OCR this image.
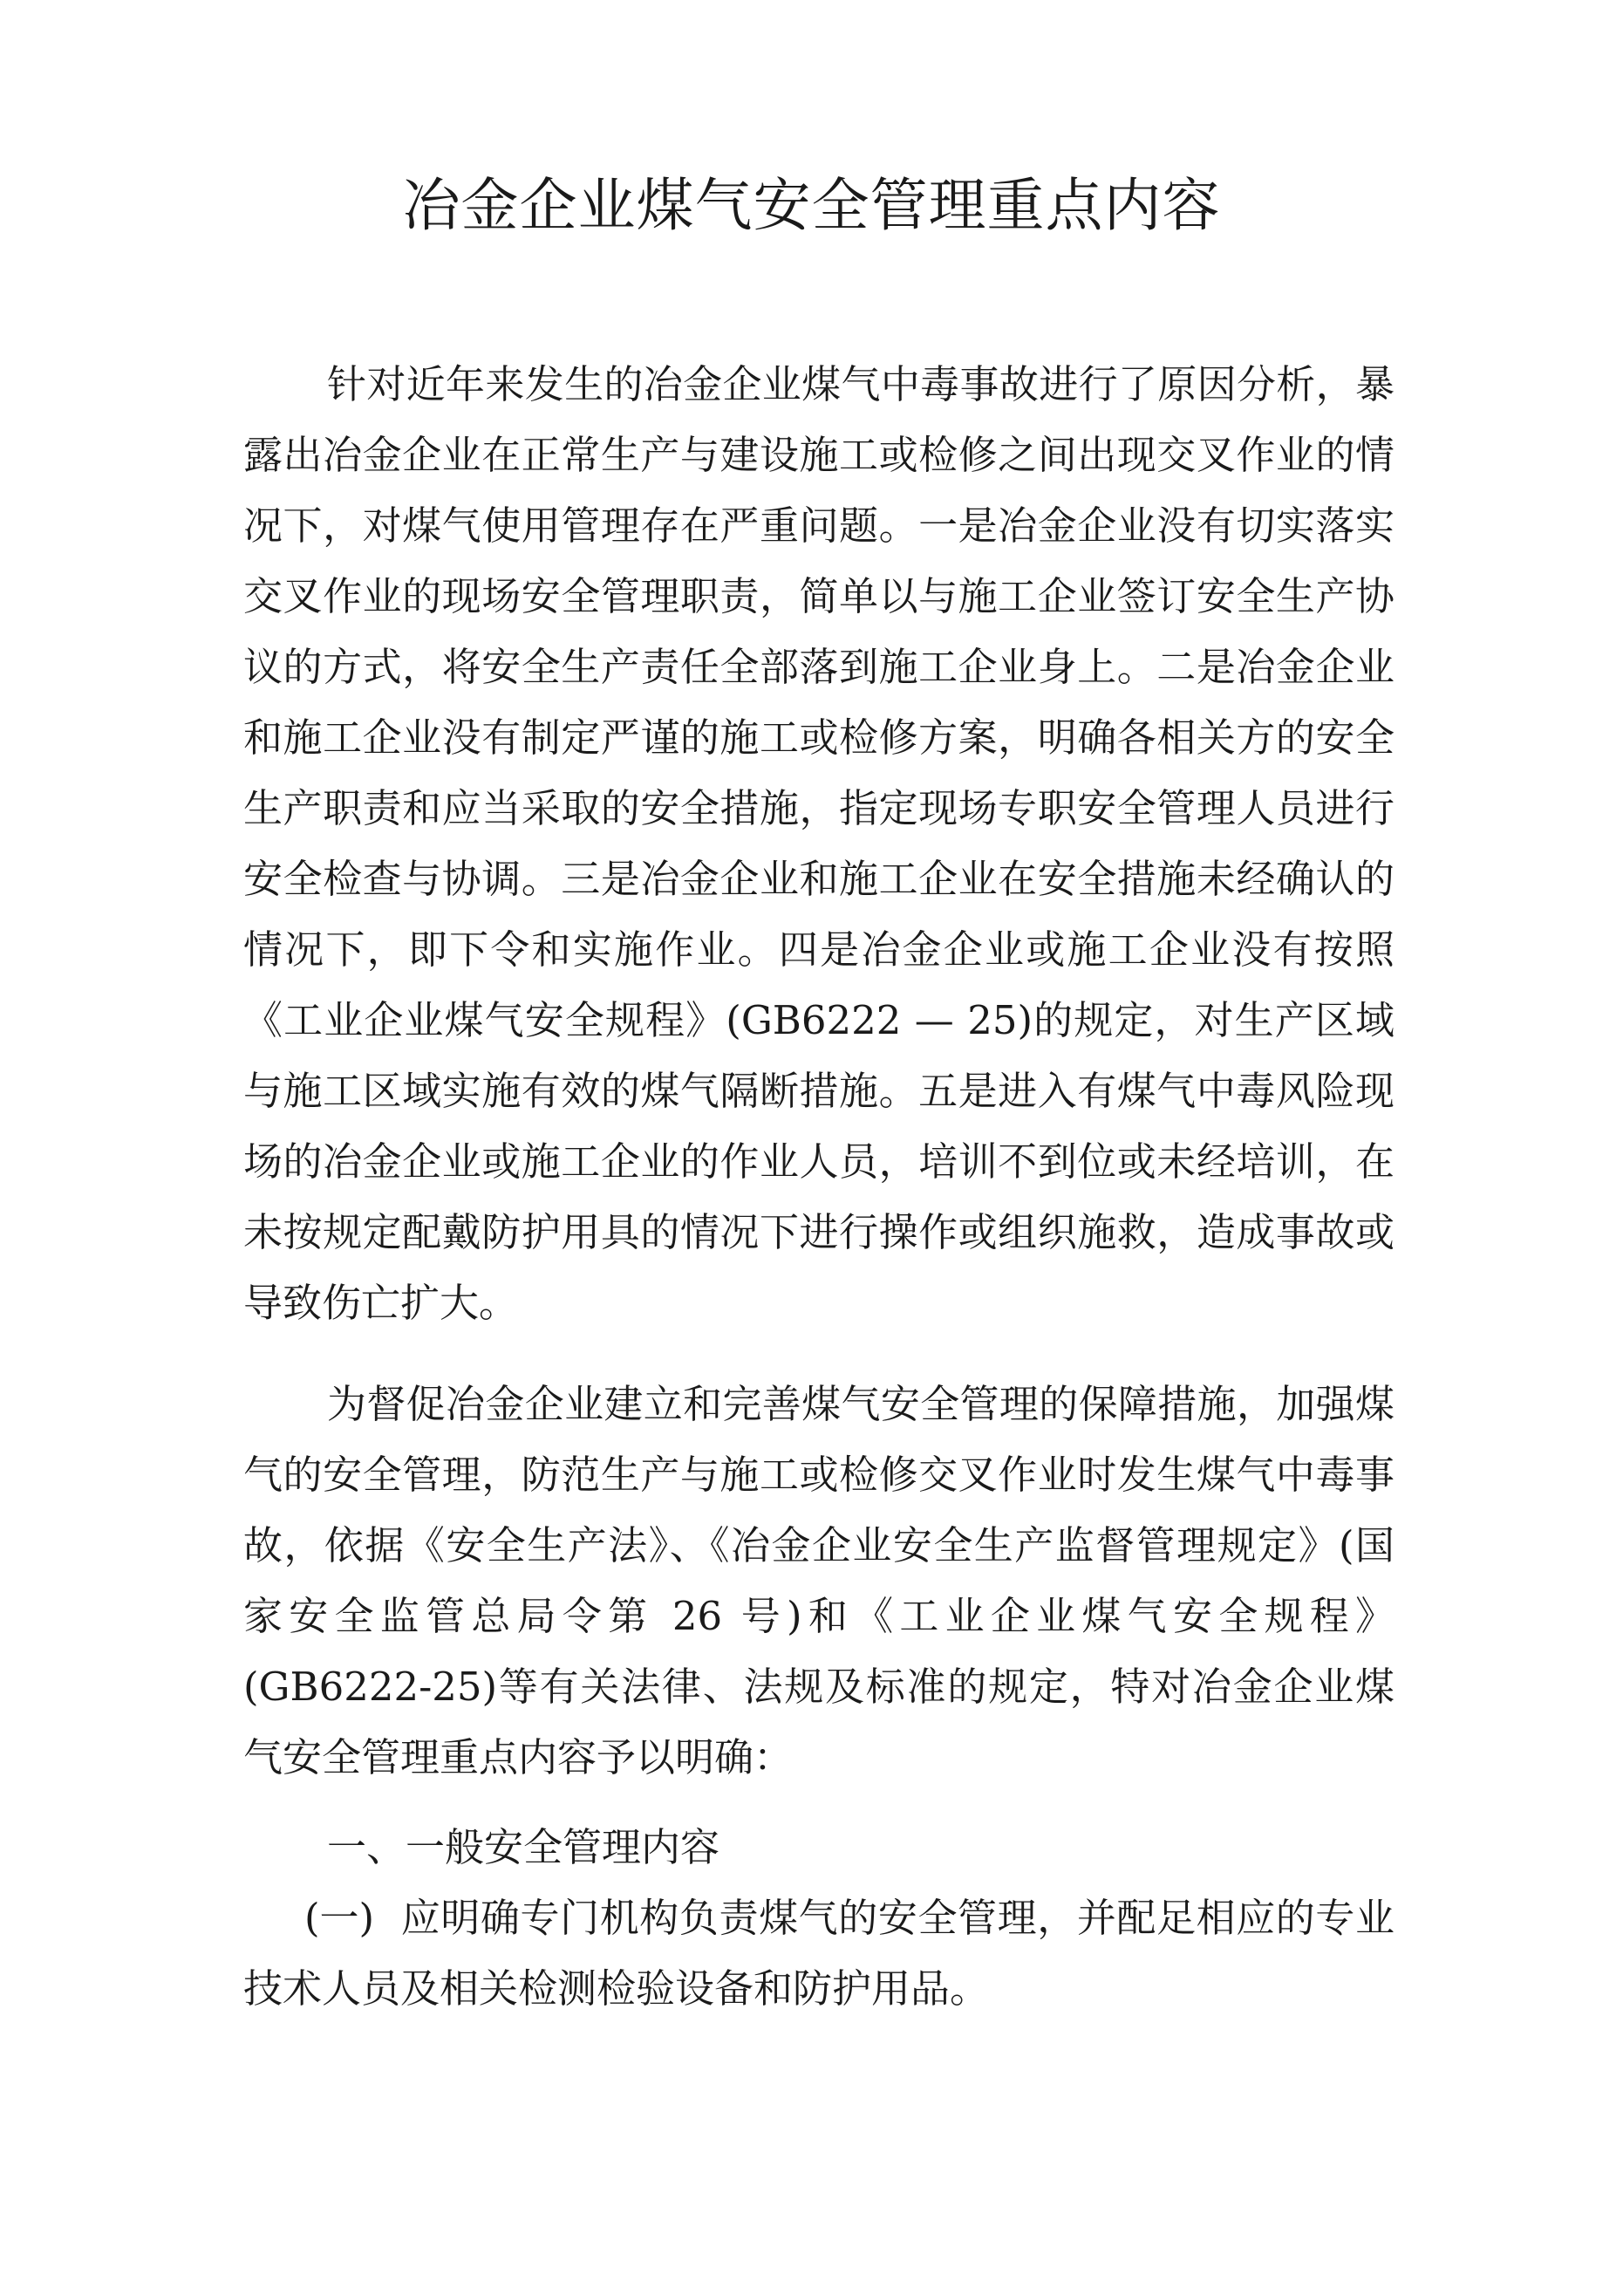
冶金企业煤气安全管理重点内容

针对近年来发生的冶金企业煤气中毒事故进行了原因分析，暴露出冶金企业在正常生产与建设施工或检修之间出现交叉作业的情况下，对煤气使用管理存在严重问题。一是冶金企业没有切实落实交叉作业的现场安全管理职责，简单以与施工企业签订安全生产协议的方式，将安全生产责任全部落到施工企业身上。二是冶金企业和施工企业没有制定严谨的施工或检修方案，明确各相关方的安全生产职责和应当采取的安全措施，指定现场专职安全管理人员进行安全检查与协调。三是冶金企业和施工企业在安全措施未经确认的情况下，即下令和实施作业。四是冶金企业或施工企业没有按照《工业企业煤气安全规程》(GB6222 — 25)的规定，对生产区域与施工区域实施有效的煤气隔断措施。五是进入有煤气中毒风险现场的冶金企业或施工企业的作业人员，培训不到位或未经培训，在未按规定配戴防护用具的情况下进行操作或组织施救，造成事故或导致伤亡扩大。

为督促冶金企业建立和完善煤气安全管理的保障措施，加强煤气的安全管理，防范生产与施工或检修交叉作业时发生煤气中毒事故，依据《安全生产法》、《冶金企业安全生产监督管理规定》(国家安全监管总局令第 26 号)和《工业企业煤气安全规程》(GB6222-25)等有关法律、法规及标准的规定，特对冶金企业煤气安全管理重点内容予以明确：

一、一般安全管理内容

(一) 应明确专门机构负责煤气的安全管理，并配足相应的专业技术人员及相关检测检验设备和防护用品。
